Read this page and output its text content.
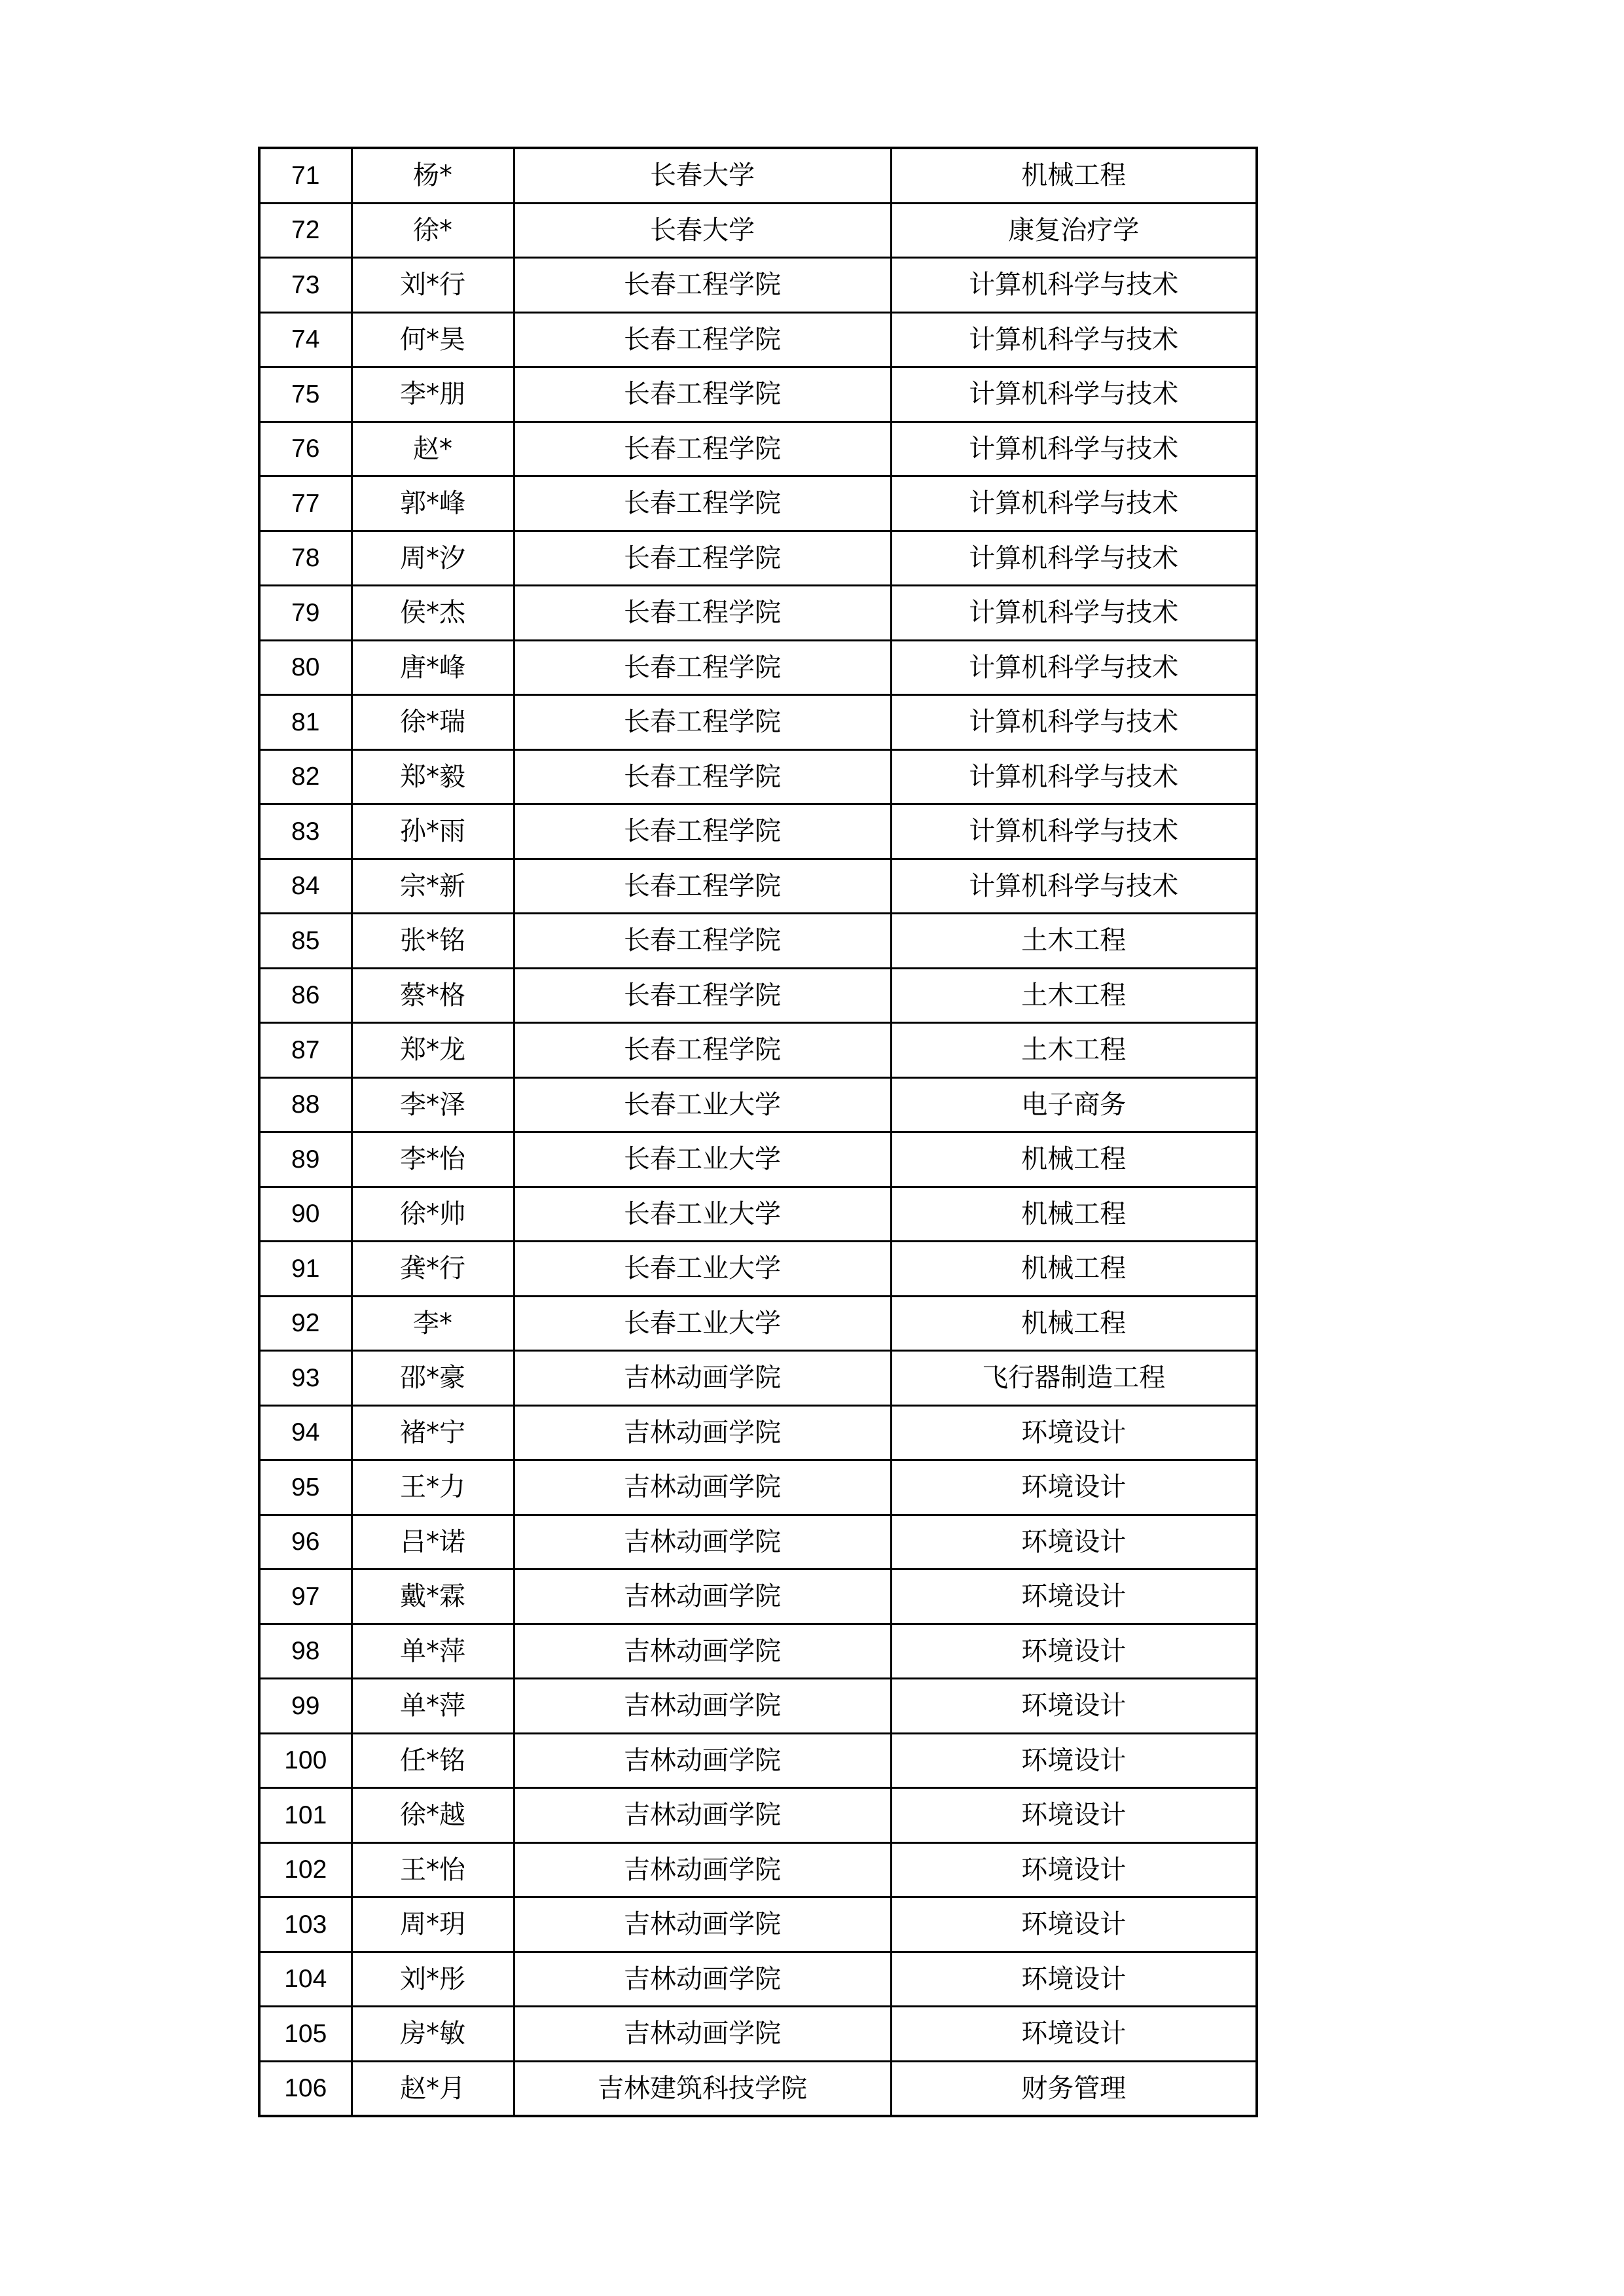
71	杨*	长春大学	机械工程
72	徐*	长春大学	康复治疗学
73	刘*行	长春工程学院	计算机科学与技术
74	何*昊	长春工程学院	计算机科学与技术
75	李*朋	长春工程学院	计算机科学与技术
76	赵*	长春工程学院	计算机科学与技术
77	郭*峰	长春工程学院	计算机科学与技术
78	周*汐	长春工程学院	计算机科学与技术
79	侯*杰	长春工程学院	计算机科学与技术
80	唐*峰	长春工程学院	计算机科学与技术
81	徐*瑞	长春工程学院	计算机科学与技术
82	郑*毅	长春工程学院	计算机科学与技术
83	孙*雨	长春工程学院	计算机科学与技术
84	宗*新	长春工程学院	计算机科学与技术
85	张*铭	长春工程学院	土木工程
86	蔡*格	长春工程学院	土木工程
87	郑*龙	长春工程学院	土木工程
88	李*泽	长春工业大学	电子商务
89	李*怡	长春工业大学	机械工程
90	徐*帅	长春工业大学	机械工程
91	龚*行	长春工业大学	机械工程
92	李*	长春工业大学	机械工程
93	邵*豪	吉林动画学院	飞行器制造工程
94	褚*宁	吉林动画学院	环境设计
95	王*力	吉林动画学院	环境设计
96	吕*诺	吉林动画学院	环境设计
97	戴*霖	吉林动画学院	环境设计
98	单*萍	吉林动画学院	环境设计
99	单*萍	吉林动画学院	环境设计
100	任*铭	吉林动画学院	环境设计
101	徐*越	吉林动画学院	环境设计
102	王*怡	吉林动画学院	环境设计
103	周*玥	吉林动画学院	环境设计
104	刘*彤	吉林动画学院	环境设计
105	房*敏	吉林动画学院	环境设计
106	赵*月	吉林建筑科技学院	财务管理
